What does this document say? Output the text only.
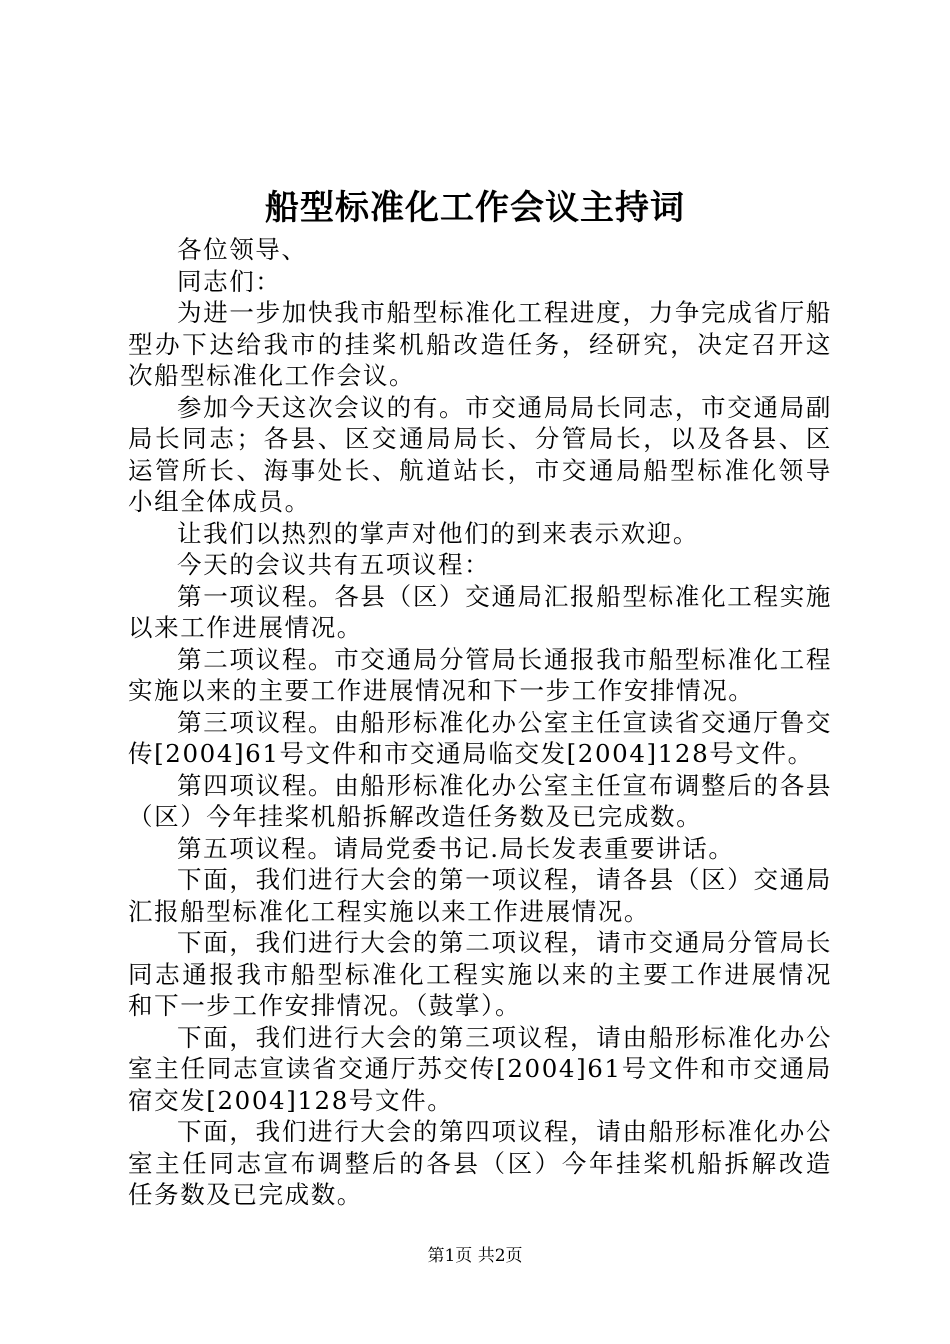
船型标准化工作会议主持词

各位领导、

同志们：

为进一步加快我市船型标准化工程进度，力争完成省厅船型办下达给我市的挂桨机船改造任务，经研究，决定召开这次船型标准化工作会议。

参加今天这次会议的有。市交通局局长同志，市交通局副局长同志；各县、区交通局局长、分管局长，以及各县、区运管所长、海事处长、航道站长，市交通局船型标准化领导小组全体成员。

让我们以热烈的掌声对他们的到来表示欢迎。

今天的会议共有五项议程：

第一项议程。各县（区）交通局汇报船型标准化工程实施以来工作进展情况。

第二项议程。市交通局分管局长通报我市船型标准化工程实施以来的主要工作进展情况和下一步工作安排情况。

第三项议程。由船形标准化办公室主任宣读省交通厅鲁交传[2004]61号文件和市交通局临交发[2004]128号文件。

第四项议程。由船形标准化办公室主任宣布调整后的各县（区）今年挂桨机船拆解改造任务数及已完成数。

第五项议程。请局党委书记.局长发表重要讲话。

下面，我们进行大会的第一项议程，请各县（区）交通局汇报船型标准化工程实施以来工作进展情况。

下面，我们进行大会的第二项议程，请市交通局分管局长同志通报我市船型标准化工程实施以来的主要工作进展情况和下一步工作安排情况。（鼓掌）。

下面，我们进行大会的第三项议程，请由船形标准化办公室主任同志宣读省交通厅苏交传[2004]61号文件和市交通局宿交发[2004]128号文件。

下面，我们进行大会的第四项议程，请由船形标准化办公室主任同志宣布调整后的各县（区）今年挂桨机船拆解改造任务数及已完成数。

第1页 共2页
